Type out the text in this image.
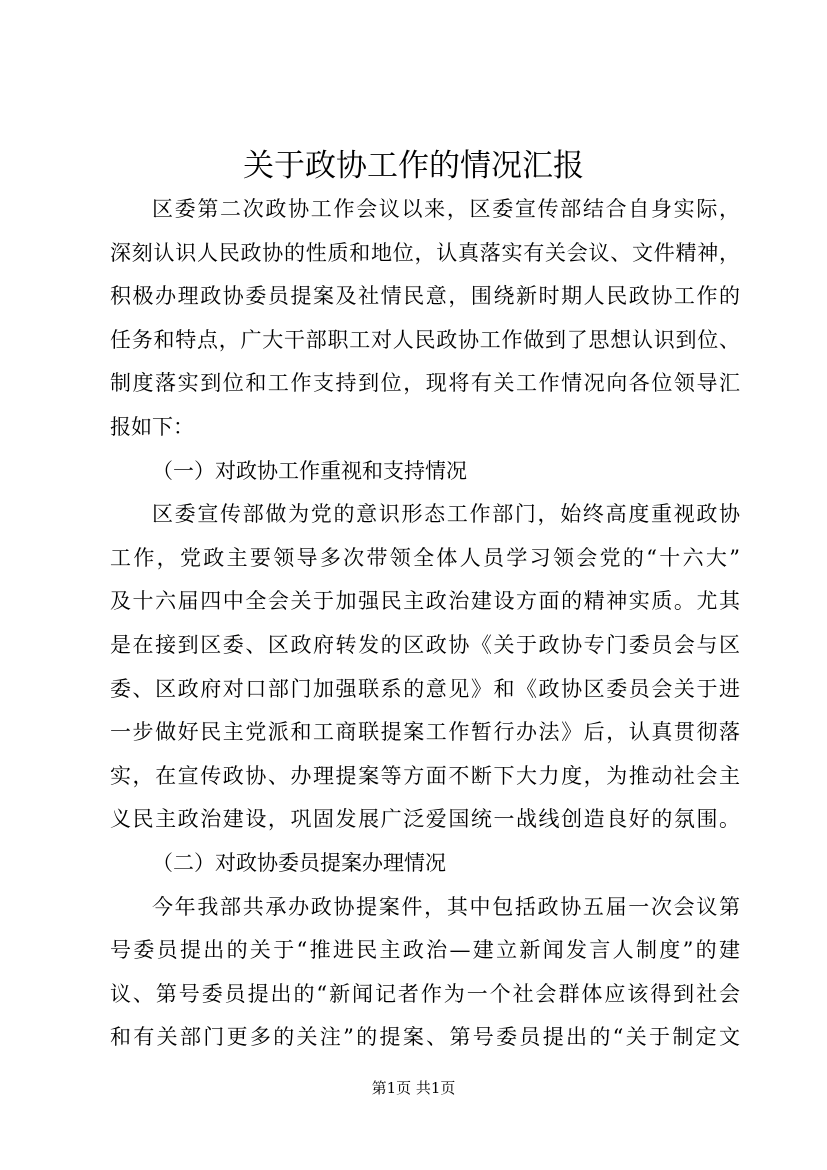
关于政协工作的情况汇报
区委第二次政协工作会议以来，区委宣传部结合自身实际，
深刻认识人民政协的性质和地位，认真落实有关会议、文件精神，
积极办理政协委员提案及社情民意，围绕新时期人民政协工作的
任务和特点，广大干部职工对人民政协工作做到了思想认识到位、
制度落实到位和工作支持到位，现将有关工作情况向各位领导汇
报如下：
（一）对政协工作重视和支持情况
区委宣传部做为党的意识形态工作部门，始终高度重视政协
工作，党政主要领导多次带领全体人员学习领会党的“十六大”
及十六届四中全会关于加强民主政治建设方面的精神实质。尤其
是在接到区委、区政府转发的区政协《关于政协专门委员会与区
委、区政府对口部门加强联系的意见》和《政协区委员会关于进
一步做好民主党派和工商联提案工作暂行办法》后，认真贯彻落
实，在宣传政协、办理提案等方面不断下大力度，为推动社会主
义民主政治建设，巩固发展广泛爱国统一战线创造良好的氛围。
（二）对政协委员提案办理情况
今年我部共承办政协提案件，其中包括政协五届一次会议第
号委员提出的关于“推进民主政治—建立新闻发言人制度”的建
议、第号委员提出的“新闻记者作为一个社会群体应该得到社会
和有关部门更多的关注”的提案、第号委员提出的“关于制定文
第1页 共1页
